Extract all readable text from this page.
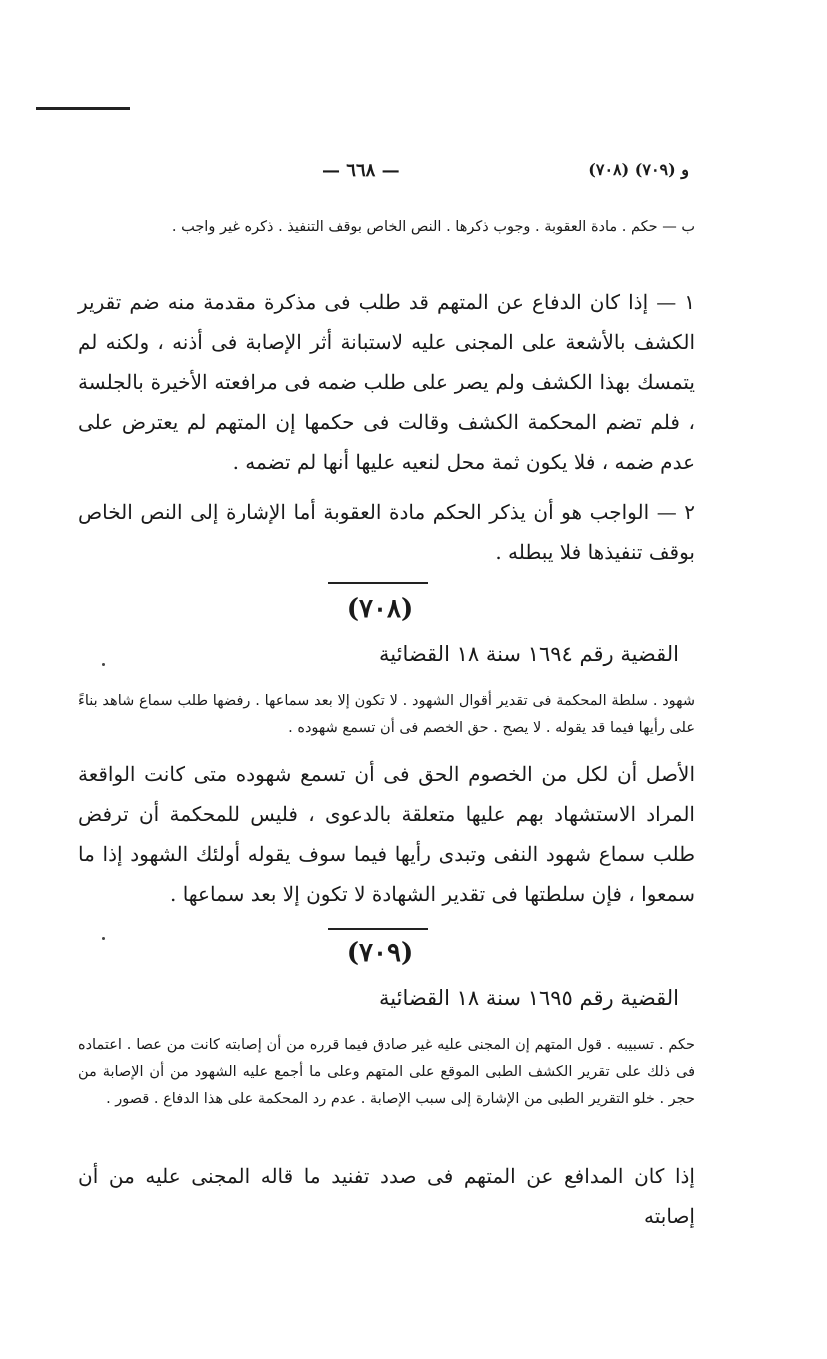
— ٦٦٨ —	(٧٠٨) و (٧٠٩)
ب — حكم . مادة العقوبة . وجوب ذكرها . النص الخاص بوقف التنفيذ . ذكره غير واجب .
١ — إذا كان الدفاع عن المتهم قد طلب فى مذكرة مقدمة منه ضم تقرير الكشف بالأشعة على المجنى عليه لاستبانة أثر الإصابة فى أذنه ، ولكنه لم يتمسك بهذا الكشف ولم يصر على طلب ضمه فى مرافعته الأخيرة بالجلسة ، فلم تضم المحكمة الكشف وقالت فى حكمها إن المتهم لم يعترض على عدم ضمه ، فلا يكون ثمة محل لنعيه عليها أنها لم تضمه .
٢ — الواجب هو أن يذكر الحكم مادة العقوبة أما الإشارة إلى النص الخاص بوقف تنفيذها فلا يبطله .
(٧٠٨)
القضية رقم ١٦٩٤ سنة ١٨ القضائية
شهود . سلطة المحكمة فى تقدير أقوال الشهود . لا تكون إلا بعد سماعها . رفضها طلب سماع شاهد بناءً على رأيها فيما قد يقوله . لا يصح . حق الخصم فى أن تسمع شهوده .
الأصل أن لكل من الخصوم الحق فى أن تسمع شهوده متى كانت الواقعة المراد الاستشهاد بهم عليها متعلقة بالدعوى ، فليس للمحكمة أن ترفض طلب سماع شهود النفى وتبدى رأيها فيما سوف يقوله أولئك الشهود إذا ما سمعوا ، فإن سلطتها فى تقدير الشهادة لا تكون إلا بعد سماعها .
(٧٠٩)
القضية رقم ١٦٩٥ سنة ١٨ القضائية
حكم . تسبيبه . قول المتهم إن المجنى عليه غير صادق فيما قرره من أن إصابته كانت من عصا . اعتماده فى ذلك على تقرير الكشف الطبى الموقع على المتهم وعلى ما أجمع عليه الشهود من أن الإصابة من حجر . خلو التقرير الطبى من الإشارة إلى سبب الإصابة . عدم رد المحكمة على هذا الدفاع . قصور .
إذا كان المدافع عن المتهم فى صدد تفنيد ما قاله المجنى عليه من أن إصابته
